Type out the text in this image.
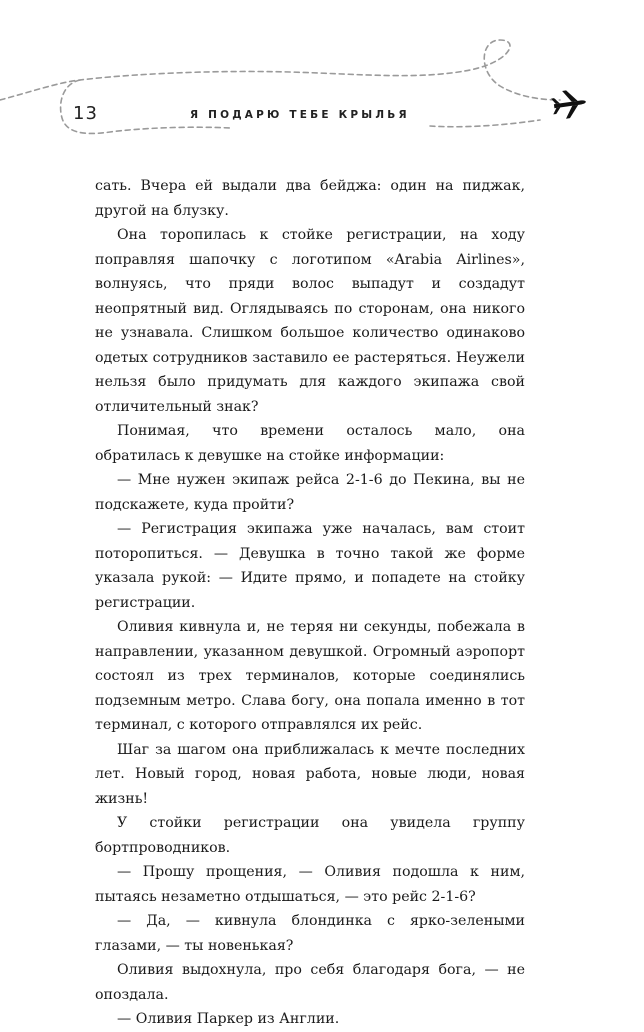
13	Я ПОДАРЮ ТЕБЕ КРЫЛЬЯ

сать. Вчера ей выдали два бейджа: один на пиджак, другой на блузку.

Она торопилась к стойке регистрации, на ходу поправляя шапочку с логотипом «Arabia Airlines», волнуясь, что пряди волос выпадут и создадут неопрятный вид. Оглядываясь по сторонам, она никого не узнавала. Слишком большое количество одинаково одетых сотрудников заставило ее растеряться. Неужели нельзя было придумать для каждого экипажа свой отличительный знак?

Понимая, что времени осталось мало, она обратилась к девушке на стойке информации:

— Мне нужен экипаж рейса 2-1-6 до Пекина, вы не подскажете, куда пройти?

— Регистрация экипажа уже началась, вам стоит поторопиться. — Девушка в точно такой же форме указала рукой: — Идите прямо, и попадете на стойку регистрации.

Оливия кивнула и, не теряя ни секунды, побежала в направлении, указанном девушкой. Огромный аэропорт состоял из трех терминалов, которые соединялись подземным метро. Слава богу, она попала именно в тот терминал, с которого отправлялся их рейс.

Шаг за шагом она приближалась к мечте последних лет. Новый город, новая работа, новые люди, новая жизнь!

У стойки регистрации она увидела группу бортпроводников.

— Прошу прощения, — Оливия подошла к ним, пытаясь незаметно отдышаться, — это рейс 2-1-6?

— Да, — кивнула блондинка с ярко-зелеными глазами, — ты новенькая?

Оливия выдохнула, про себя благодаря бога, — не опоздала.

— Оливия Паркер из Англии.
